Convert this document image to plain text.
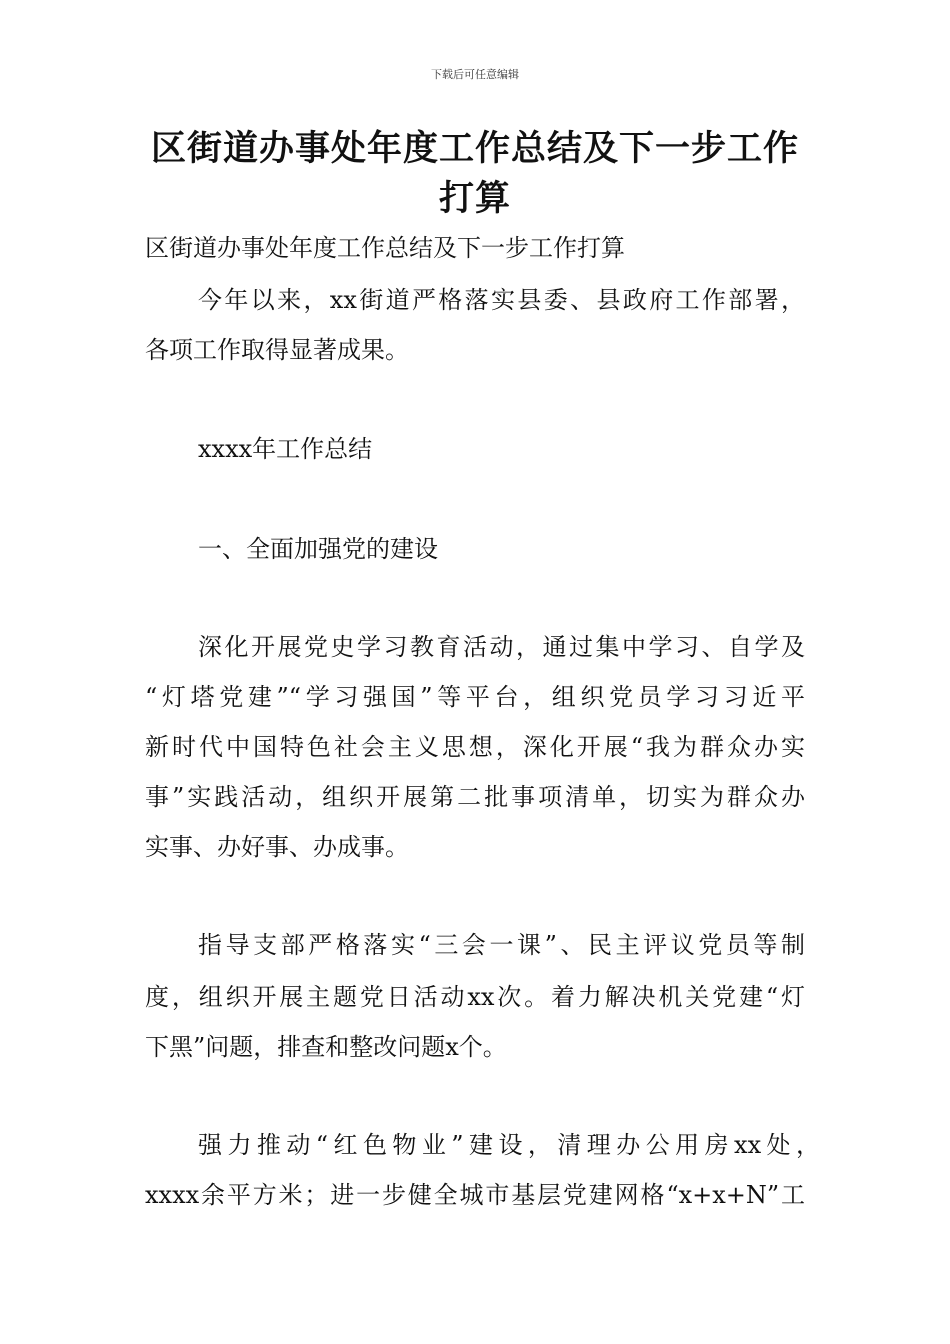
下载后可任意编辑
区街道办事处年度工作总结及下一步工作
打算
区街道办事处年度工作总结及下一步工作打算
今年以来，xx街道严格落实县委、县政府工作部署，
各项工作取得显著成果。
xxxx年工作总结
一、全面加强党的建设
深化开展党史学习教育活动，通过集中学习、自学及
“灯塔党建”“学习强国”等平台，组织党员学习习近平
新时代中国特色社会主义思想，深化开展“我为群众办实
事”实践活动，组织开展第二批事项清单，切实为群众办
实事、办好事、办成事。
指导支部严格落实“三会一课”、民主评议党员等制
度，组织开展主题党日活动xx次。着力解决机关党建“灯
下黑”问题，排查和整改问题x个。
强力推动“红色物业”建设，清理办公用房xx处，
xxxx余平方米；进一步健全城市基层党建网格“x+x+N”工
